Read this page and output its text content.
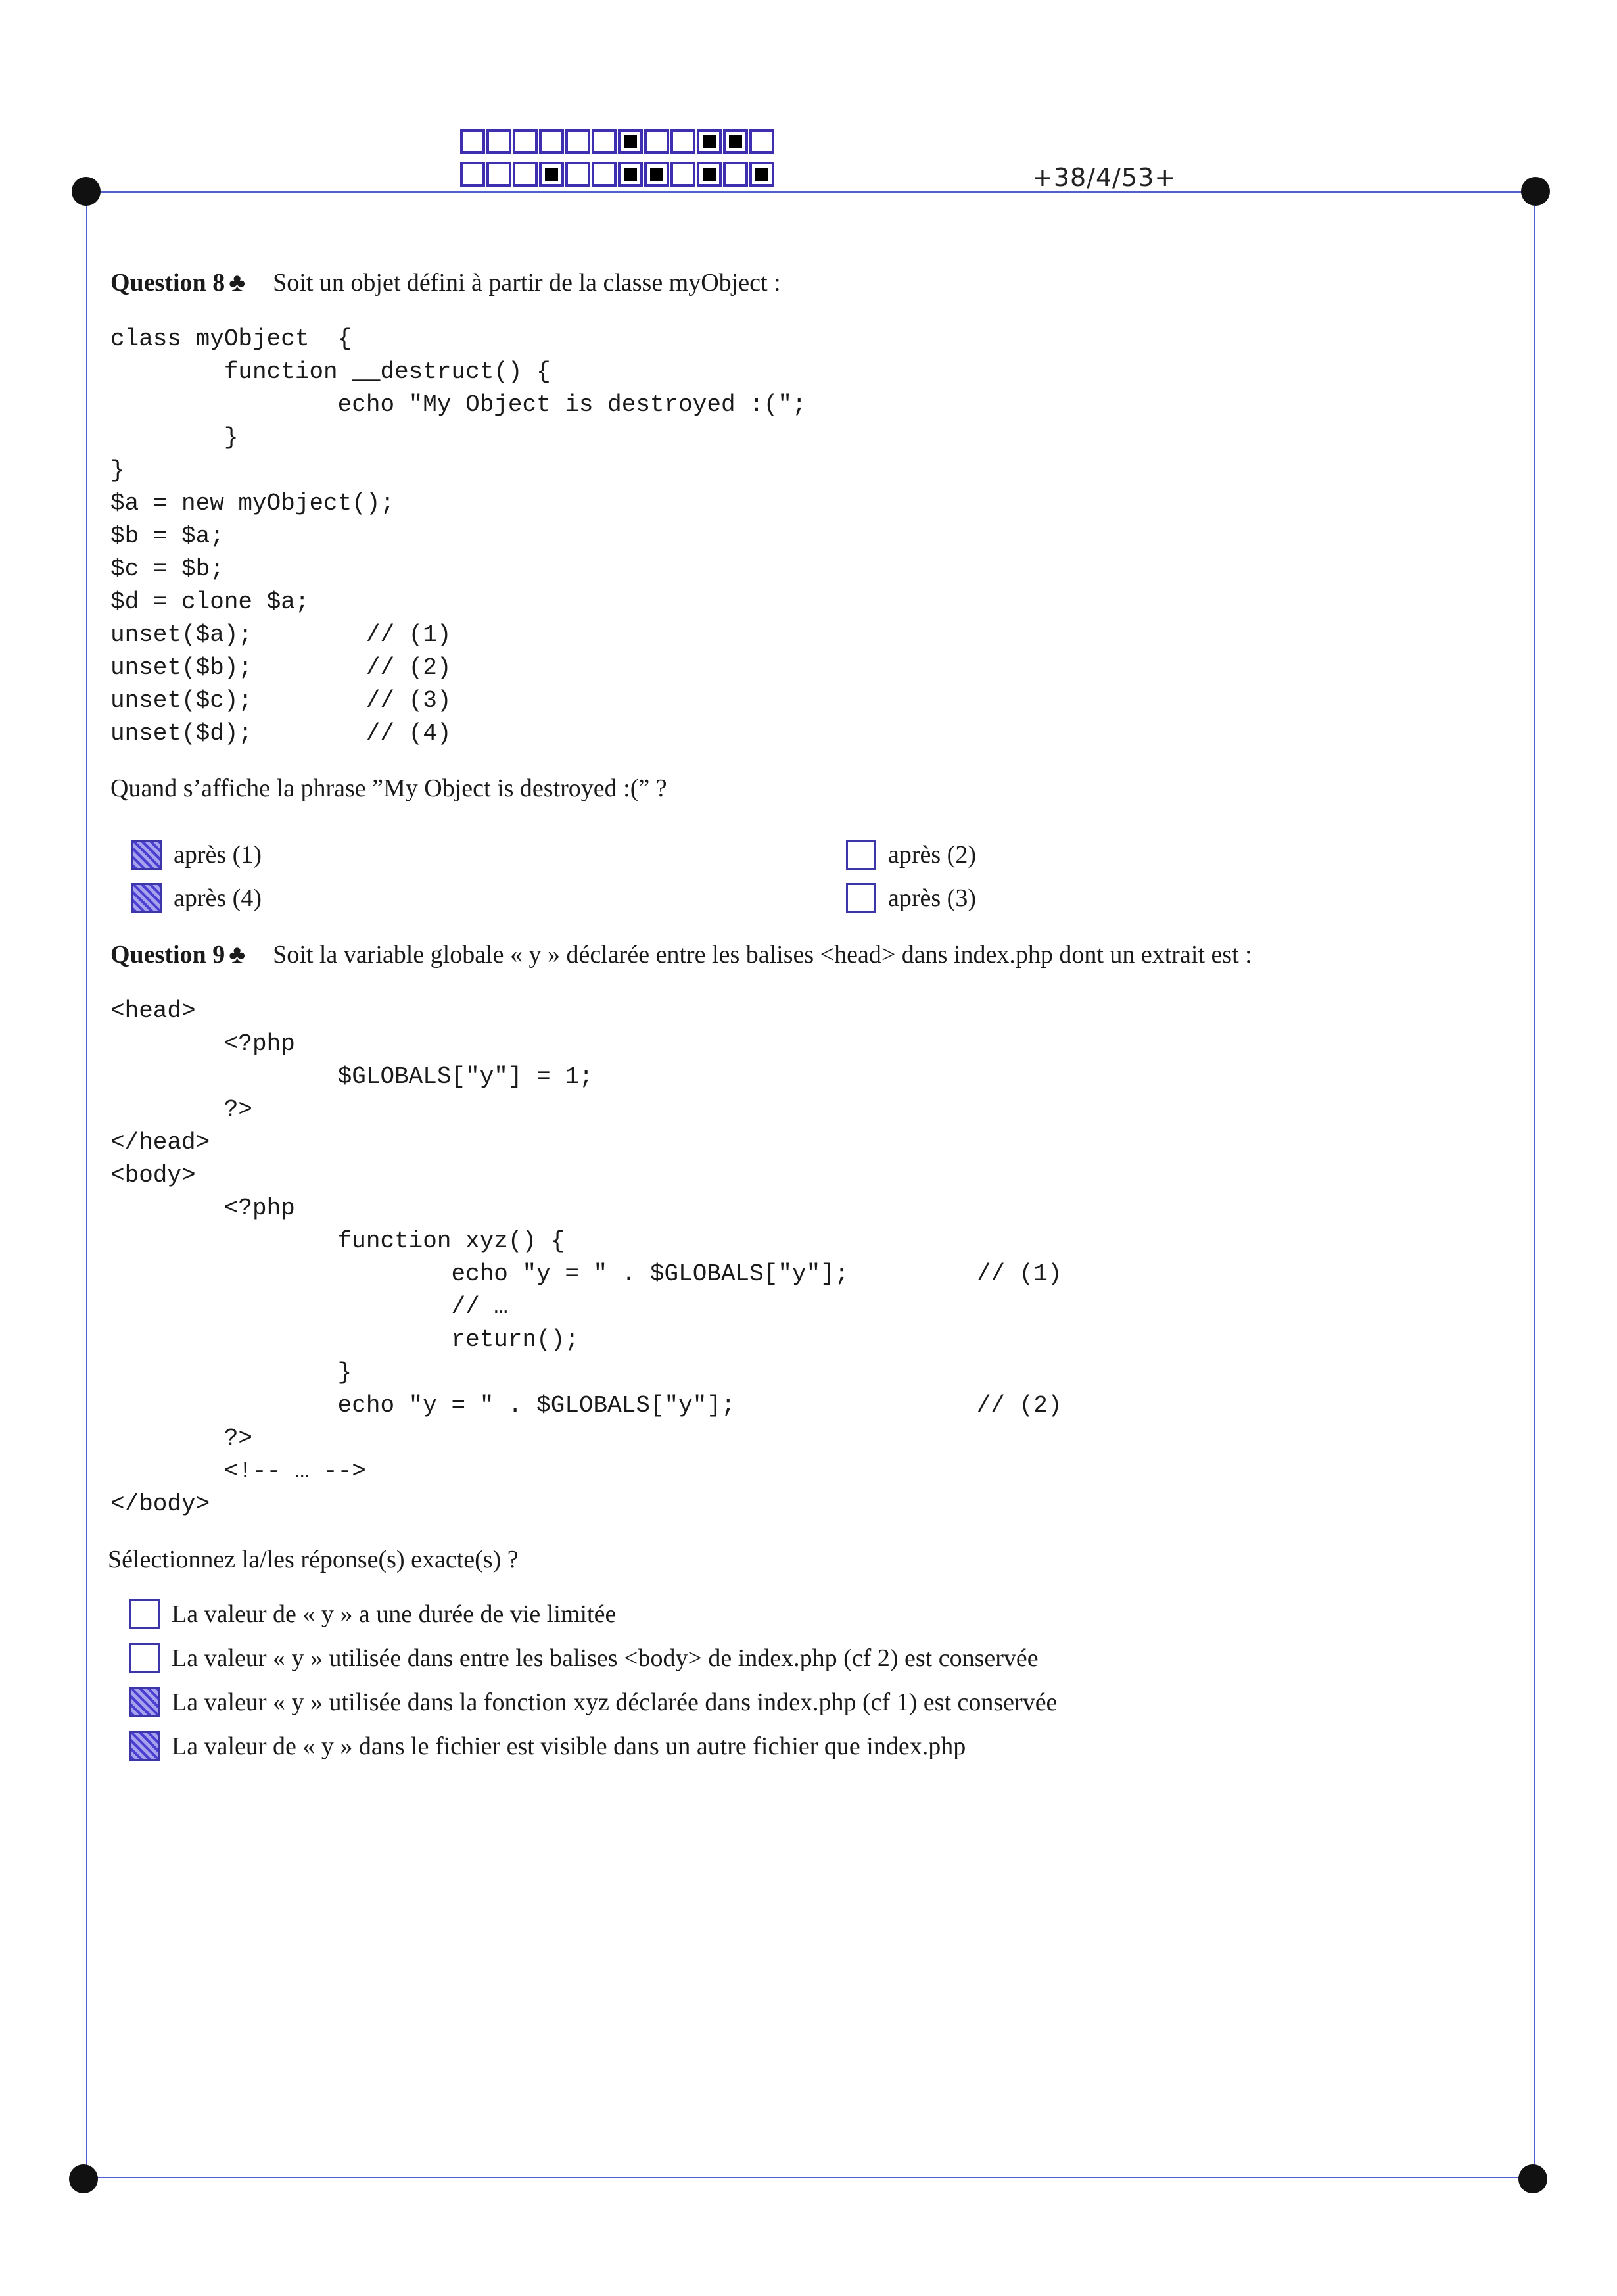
+38/4/53+
Question 8 ♣ Soit un objet défini à partir de la classe myObject :
class myObject  {
function __destruct() {
echo "My Object is destroyed :(";
}
}
$a = new myObject();
$b = $a;
$c = $b;
$d = clone $a;
unset($a);        // (1)
unset($b);        // (2)
unset($c);        // (3)
unset($d);        // (4)
Quand s’affiche la phrase ”My Object is destroyed :(” ?
après (1)	après (2)
après (4)	après (3)
Question 9 ♣ Soit la variable globale « y » déclarée entre les balises <head> dans index.php dont un extrait est :
<head>
<?php
$GLOBALS["y"] = 1;
?>
</head>
<body>
<?php
function xyz() {
echo "y = " . $GLOBALS["y"];         // (1)
// …
return();
}
echo "y = " . $GLOBALS["y"];                 // (2)
?>
<!-- … -->
</body>
Sélectionnez la/les réponse(s) exacte(s) ?
La valeur de « y » a une durée de vie limitée
La valeur « y » utilisée dans entre les balises <body> de index.php (cf 2) est conservée
La valeur « y » utilisée dans la fonction xyz déclarée dans index.php (cf 1) est conservée
La valeur de « y » dans le fichier est visible dans un autre fichier que index.php
